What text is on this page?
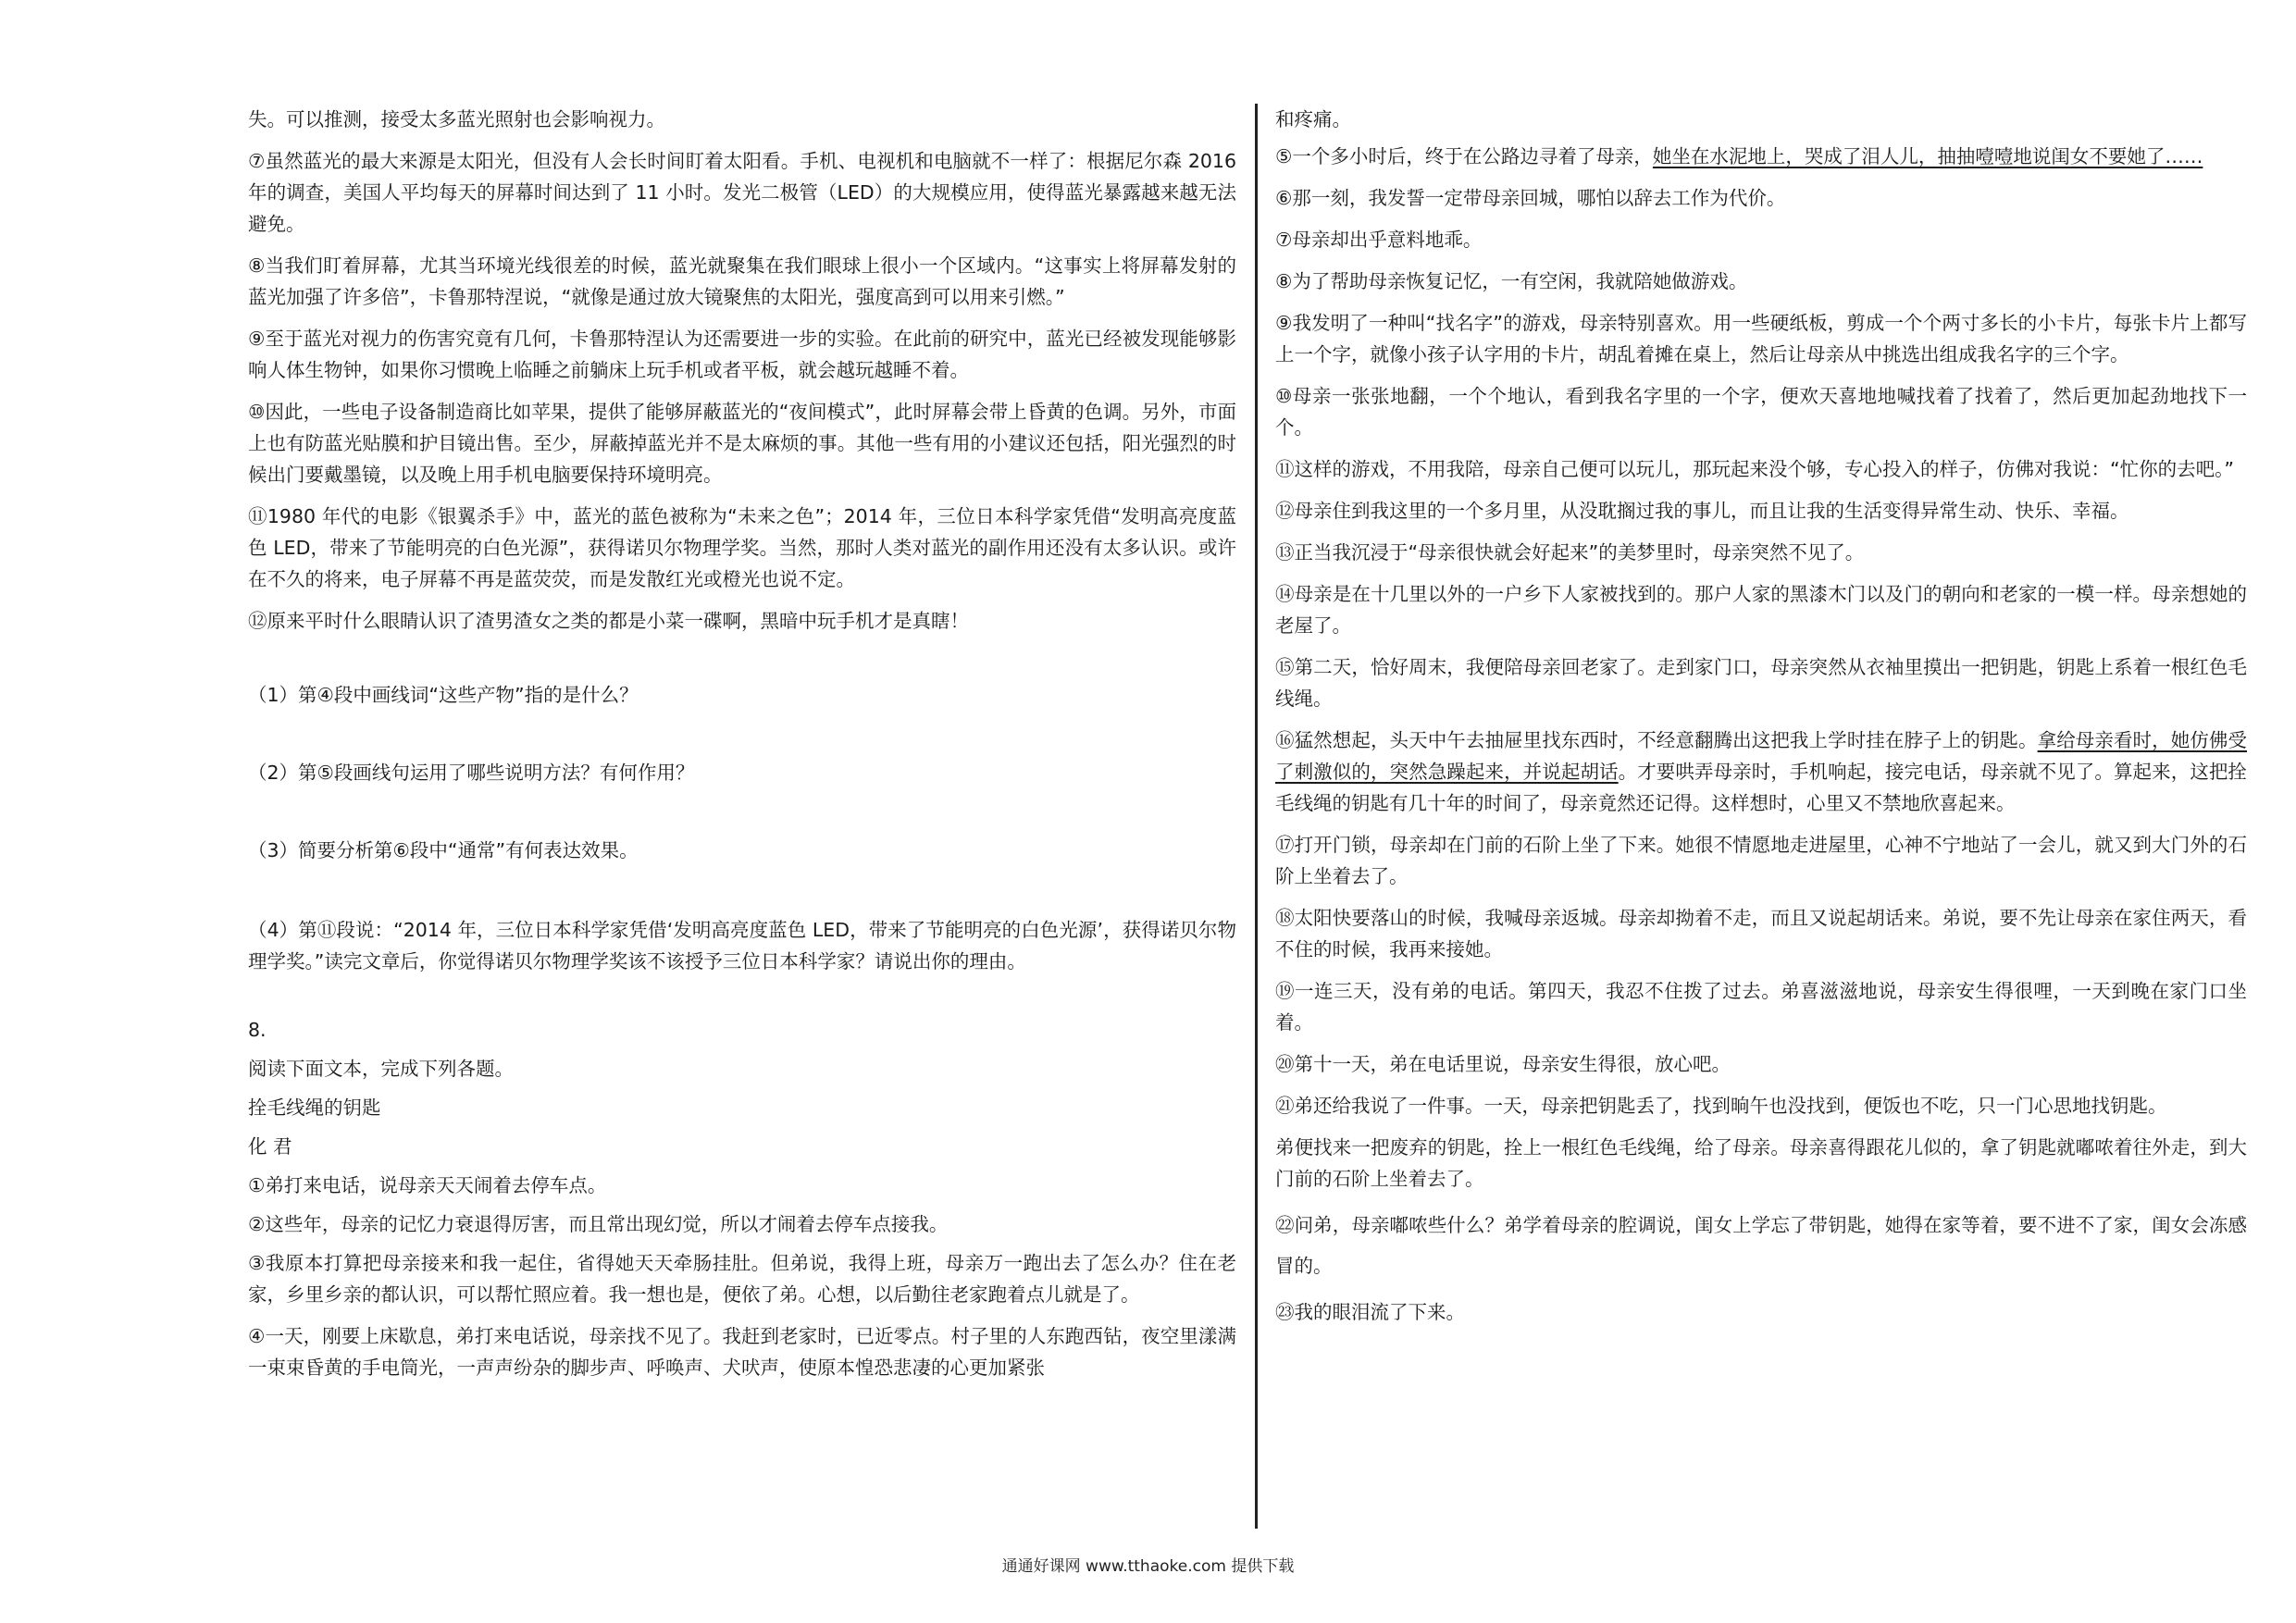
失。可以推测，接受太多蓝光照射也会影响视力。

⑦虽然蓝光的最大来源是太阳光，但没有人会长时间盯着太阳看。手机、电视机和电脑就不一样了：根据尼尔森 2016 年的调查，美国人平均每天的屏幕时间达到了 11 小时。发光二极管（LED）的大规模应用，使得蓝光暴露越来越无法避免。

⑧当我们盯着屏幕，尤其当环境光线很差的时候，蓝光就聚集在我们眼球上很小一个区域内。“这事实上将屏幕发射的蓝光加强了许多倍”，卡鲁那特涅说，“就像是通过放大镜聚焦的太阳光，强度高到可以用来引燃。”

⑨至于蓝光对视力的伤害究竟有几何，卡鲁那特涅认为还需要进一步的实验。在此前的研究中，蓝光已经被发现能够影响人体生物钟，如果你习惯晚上临睡之前躺床上玩手机或者平板，就会越玩越睡不着。

⑩因此，一些电子设备制造商比如苹果，提供了能够屏蔽蓝光的“夜间模式”，此时屏幕会带上昏黄的色调。另外，市面上也有防蓝光贴膜和护目镜出售。至少，屏蔽掉蓝光并不是太麻烦的事。其他一些有用的小建议还包括，阳光强烈的时候出门要戴墨镜，以及晚上用手机电脑要保持环境明亮。

⑪1980 年代的电影《银翼杀手》中，蓝光的蓝色被称为“未来之色”；2014 年，三位日本科学家凭借“发明高亮度蓝色 LED，带来了节能明亮的白色光源”，获得诺贝尔物理学奖。当然，那时人类对蓝光的副作用还没有太多认识。或许在不久的将来，电子屏幕不再是蓝荧荧，而是发散红光或橙光也说不定。

⑫原来平时什么眼睛认识了渣男渣女之类的都是小菜一碟啊，黑暗中玩手机才是真瞎！

（1）第④段中画线词“这些产物”指的是什么？

（2）第⑤段画线句运用了哪些说明方法？有何作用？

（3）简要分析第⑥段中“通常”有何表达效果。

（4）第⑪段说：“2014 年，三位日本科学家凭借‘发明高亮度蓝色 LED，带来了节能明亮的白色光源’，获得诺贝尔物理学奖。”读完文章后，你觉得诺贝尔物理学奖该不该授予三位日本科学家？请说出你的理由。

8.

阅读下面文本，完成下列各题。

拴毛线绳的钥匙

化 君

①弟打来电话，说母亲天天闹着去停车点。

②这些年，母亲的记忆力衰退得厉害，而且常出现幻觉，所以才闹着去停车点接我。

③我原本打算把母亲接来和我一起住，省得她天天牵肠挂肚。但弟说，我得上班，母亲万一跑出去了怎么办？住在老家，乡里乡亲的都认识，可以帮忙照应着。我一想也是，便依了弟。心想，以后勤往老家跑着点儿就是了。

④一天，刚要上床歇息，弟打来电话说，母亲找不见了。我赶到老家时，已近零点。村子里的人东跑西钻，夜空里漾满一束束昏黄的手电筒光，一声声纷杂的脚步声、呼唤声、犬吠声，使原本惶恐悲凄的心更加紧张

和疼痛。

⑤一个多小时后，终于在公路边寻着了母亲，她坐在水泥地上，哭成了泪人儿，抽抽噎噎地说闺女不要她了……

⑥那一刻，我发誓一定带母亲回城，哪怕以辞去工作为代价。

⑦母亲却出乎意料地乖。

⑧为了帮助母亲恢复记忆，一有空闲，我就陪她做游戏。

⑨我发明了一种叫“找名字”的游戏，母亲特别喜欢。用一些硬纸板，剪成一个个两寸多长的小卡片，每张卡片上都写上一个字，就像小孩子认字用的卡片，胡乱着摊在桌上，然后让母亲从中挑选出组成我名字的三个字。

⑩母亲一张张地翻，一个个地认，看到我名字里的一个字，便欢天喜地地喊找着了找着了，然后更加起劲地找下一个。

⑪这样的游戏，不用我陪，母亲自己便可以玩儿，那玩起来没个够，专心投入的样子，仿佛对我说：“忙你的去吧。”

⑫母亲住到我这里的一个多月里，从没耽搁过我的事儿，而且让我的生活变得异常生动、快乐、幸福。

⑬正当我沉浸于“母亲很快就会好起来”的美梦里时，母亲突然不见了。

⑭母亲是在十几里以外的一户乡下人家被找到的。那户人家的黑漆木门以及门的朝向和老家的一模一样。母亲想她的老屋了。

⑮第二天，恰好周末，我便陪母亲回老家了。走到家门口，母亲突然从衣袖里摸出一把钥匙，钥匙上系着一根红色毛线绳。

⑯猛然想起，头天中午去抽屉里找东西时，不经意翻腾出这把我上学时挂在脖子上的钥匙。拿给母亲看时，她仿佛受了刺激似的，突然急躁起来，并说起胡话。才要哄弄母亲时，手机响起，接完电话，母亲就不见了。算起来，这把拴毛线绳的钥匙有几十年的时间了，母亲竟然还记得。这样想时，心里又不禁地欣喜起来。

⑰打开门锁，母亲却在门前的石阶上坐了下来。她很不情愿地走进屋里，心神不宁地站了一会儿，就又到大门外的石阶上坐着去了。

⑱太阳快要落山的时候，我喊母亲返城。母亲却拗着不走，而且又说起胡话来。弟说，要不先让母亲在家住两天，看不住的时候，我再来接她。

⑲一连三天，没有弟的电话。第四天，我忍不住拨了过去。弟喜滋滋地说，母亲安生得很哩，一天到晚在家门口坐着。

⑳第十一天，弟在电话里说，母亲安生得很，放心吧。

㉑弟还给我说了一件事。一天，母亲把钥匙丢了，找到晌午也没找到，便饭也不吃，只一门心思地找钥匙。

弟便找来一把废弃的钥匙，拴上一根红色毛线绳，给了母亲。母亲喜得跟花儿似的，拿了钥匙就嘟哝着往外走，到大门前的石阶上坐着去了。

㉒问弟，母亲嘟哝些什么？弟学着母亲的腔调说，闺女上学忘了带钥匙，她得在家等着，要不进不了家，闺女会冻感冒的。

㉓我的眼泪流了下来。

通通好课网 www.tthaoke.com 提供下载
